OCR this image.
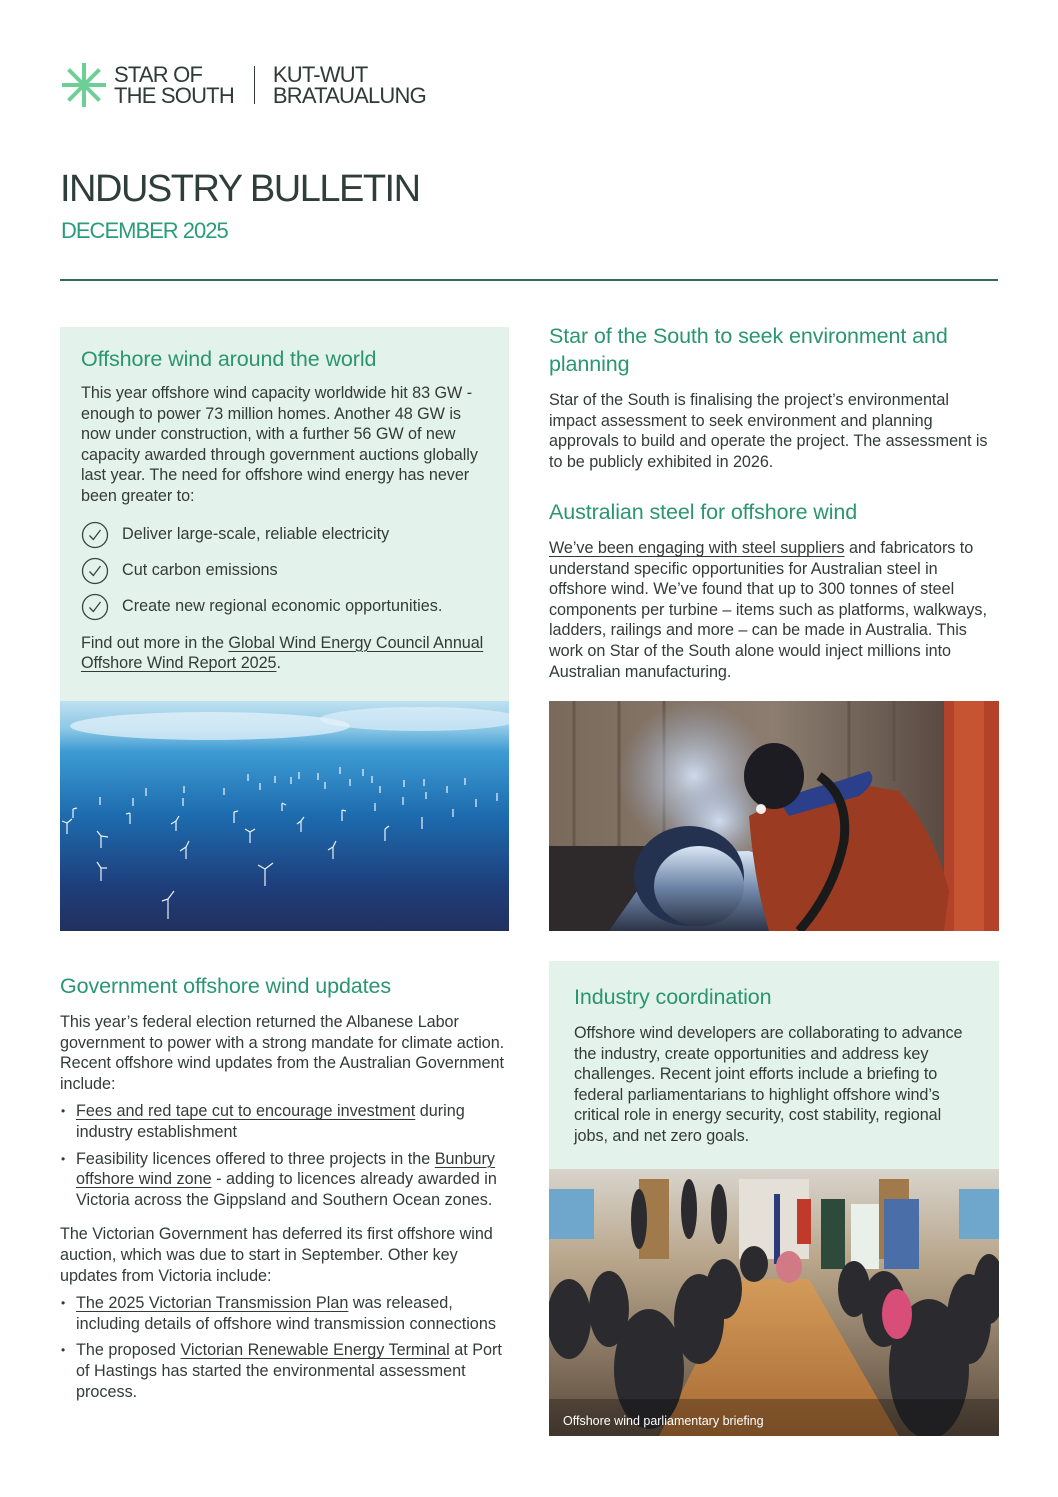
STAR OF
THE SOUTH
KUT-WUT
BRATAUALUNG
INDUSTRY BULLETIN
DECEMBER 2025
Offshore wind around the world

This year offshore wind capacity worldwide hit 83 GW - enough to power 73 million homes. Another 48 GW is now under construction, with a further 56 GW of new capacity awarded through government auctions globally last year. The need for offshore wind energy has never been greater to:

Deliver large-scale, reliable electricity
Cut carbon emissions
Create new regional economic opportunities.

Find out more in the Global Wind Energy Council Annual Offshore Wind Report 2025.

Star of the South to seek environment and planning

Star of the South is finalising the project’s environmental impact assessment to seek environment and planning approvals to build and operate the project. The assessment is to be publicly exhibited in 2026.

Australian steel for offshore wind

We’ve been engaging with steel suppliers and fabricators to understand specific opportunities for Australian steel in offshore wind. We’ve found that up to 300 tonnes of steel components per turbine – items such as platforms, walkways, ladders, railings and more – can be made in Australia. This work on Star of the South alone would inject millions into Australian manufacturing.

Government offshore wind updates

This year’s federal election returned the Albanese Labor government to power with a strong mandate for climate action. Recent offshore wind updates from the Australian Government include:

• Fees and red tape cut to encourage investment during industry establishment
• Feasibility licences offered to three projects in the Bunbury offshore wind zone - adding to licences already awarded in Victoria across the Gippsland and Southern Ocean zones.

The Victorian Government has deferred its first offshore wind auction, which was due to start in September. Other key updates from Victoria include:

• The 2025 Victorian Transmission Plan was released, including details of offshore wind transmission connections
• The proposed Victorian Renewable Energy Terminal at Port of Hastings has started the environmental assessment process.
Industry coordination

Offshore wind developers are collaborating to advance the industry, create opportunities and address key challenges. Recent joint efforts include a briefing to federal parliamentarians to highlight offshore wind’s critical role in energy security, cost stability, regional jobs, and net zero goals.

Offshore wind parliamentary briefing
